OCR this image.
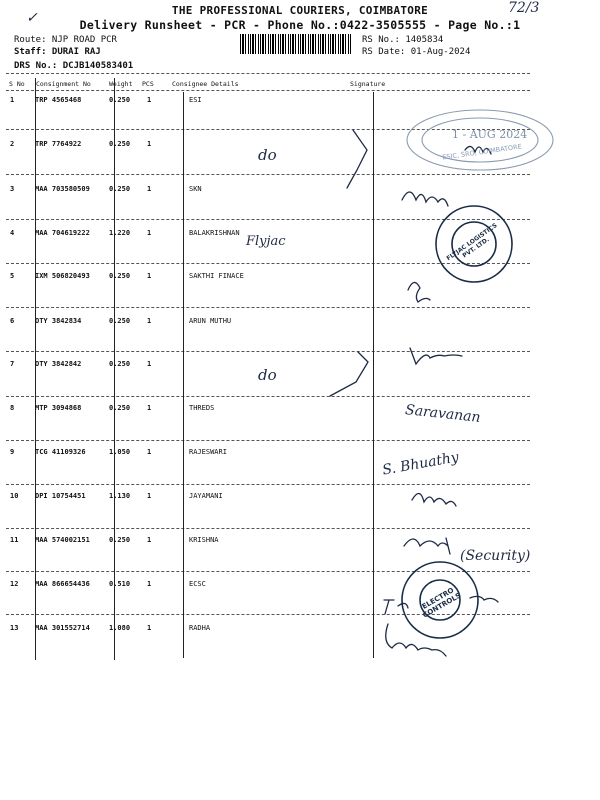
72/3
✓	THE PROFESSIONAL COURIERS, COIMBATORE
Delivery Runsheet - PCR - Phone No.:0422-3505555 - Page No.:1
Route: NJP ROAD PCR
Staff: DURAI RAJ
DRS No.: DCJB140583401
RS No.: 1405834
RS Date: 01-Aug-2024
S No Consignment No	Weight PCS	Consignee Details	Signature
1	TRP 4565468	0.250 1	ESI
2	TRP 7764922	0.250 1
3	MAA 703580509	0.250 1	SKN
4	MAA 704619222	1.220 1	BALAKRISHNAN
5	IXM 506820493	0.250 1	SAKTHI FINACE
6	OTY 3842834	0.250 1	ARUN MUTHU
7	OTY 3842842	0.250 1
8	MTP 3094868	0.250 1	THREDS
9	TCG 41109326	1.050 1	RAJESWARI
10 DPI 10754451	1.130 1	JAYAMANI
11 MAA 574002151	0.250 1	KRISHNA
12 MAA 866654436	0.510 1	ECSC
13 MAA 301552714	1.080 1	RADHA
do
Flyjac
do
Saravanan
S. Bhuathy
(Security)
1 - AUG 2024
ESIC, SRO, COIMBATORE
FLYJAC LOGISTICS PVT. LTD.
ELECTRO CONTROLS
